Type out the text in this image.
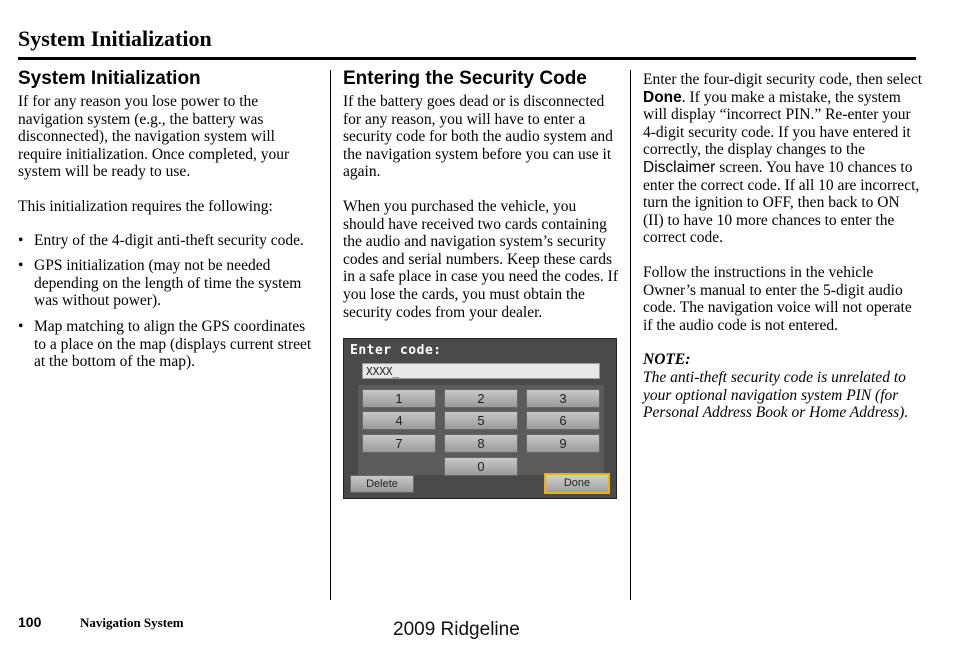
System Initialization
System Initialization

If for any reason you lose power to the navigation system (e.g., the battery was disconnected), the navigation system will require initialization. Once completed, your system will be ready to use.

This initialization requires the following:

• Entry of the 4-digit anti-theft security code.
• GPS initialization (may not be needed depending on the length of time the system was without power).
• Map matching to align the GPS coordinates to a place on the map (displays current street at the bottom of the map).
Entering the Security Code

If the battery goes dead or is disconnected for any reason, you will have to enter a security code for both the audio system and the navigation system before you can use it again.

When you purchased the vehicle, you should have received two cards containing the audio and navigation system’s security codes and serial numbers. Keep these cards in a safe place in case you need the codes. If you lose the cards, you must obtain the security codes from your dealer.

Enter code:
XXXX_
1	2	3
4	5	6
7	8	9
0
Delete	Done

Enter the four-digit security code, then select Done. If you make a mistake, the system will display “incorrect PIN.” Re-enter your 4-digit security code. If you have entered it correctly, the display changes to the Disclaimer screen. You have 10 chances to enter the correct code. If all 10 are incorrect, turn the ignition to OFF, then back to ON (II) to have 10 more chances to enter the correct code.

Follow the instructions in the vehicle Owner’s manual to enter the 5-digit audio code. The navigation voice will not operate if the audio code is not entered.

NOTE:

The anti-theft security code is unrelated to your optional navigation system PIN (for Personal Address Book or Home Address).

100	Navigation System	2009 Ridgeline
